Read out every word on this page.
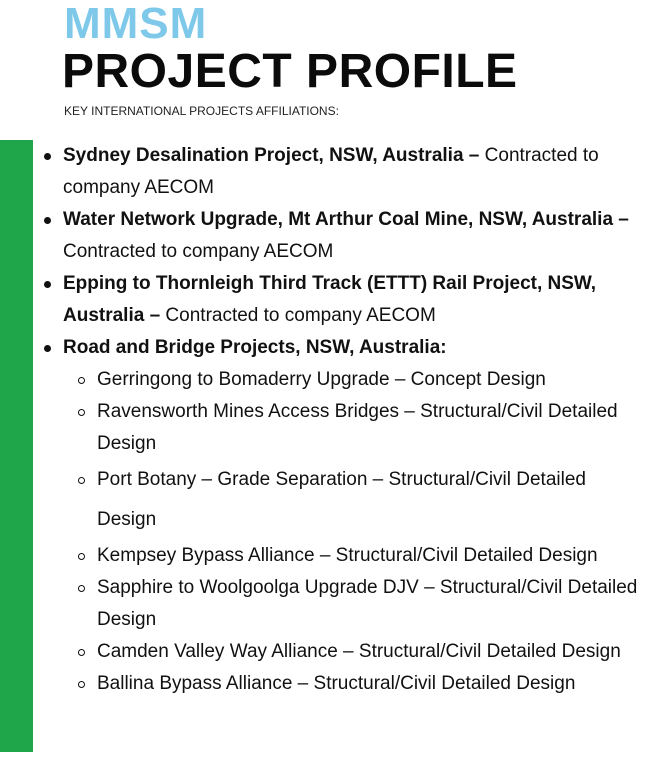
MMSM
PROJECT PROFILE
KEY INTERNATIONAL PROJECTS AFFILIATIONS:
Sydney Desalination Project, NSW, Australia – Contracted to company AECOM
Water Network Upgrade, Mt Arthur Coal Mine, NSW, Australia – Contracted to company AECOM
Epping to Thornleigh Third Track (ETTT) Rail Project, NSW, Australia – Contracted to company AECOM
Road and Bridge Projects, NSW, Australia:
Gerringong to Bomaderry Upgrade – Concept Design
Ravensworth Mines Access Bridges – Structural/Civil Detailed Design
Port Botany – Grade Separation – Structural/Civil Detailed Design
Kempsey Bypass Alliance – Structural/Civil Detailed Design
Sapphire to Woolgoolga Upgrade DJV – Structural/Civil Detailed Design
Camden Valley Way Alliance – Structural/Civil Detailed Design
Ballina Bypass Alliance – Structural/Civil Detailed Design
